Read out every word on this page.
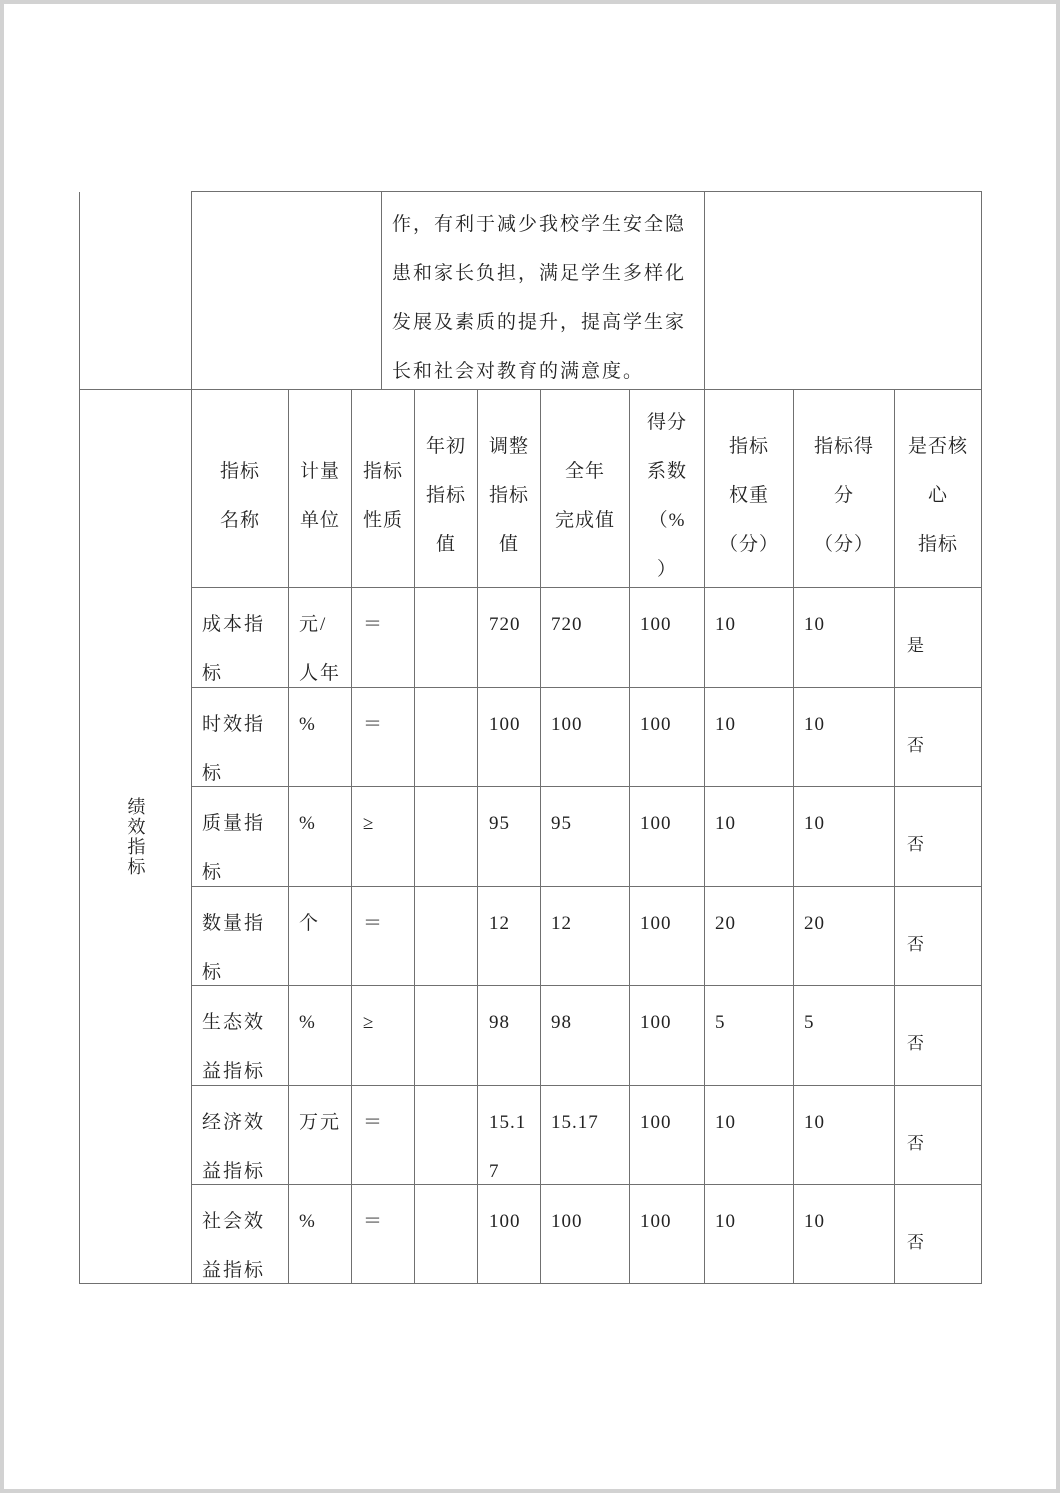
				作，有利于减少我校学生安全隐
患和家长负担，满足学生多样化
发展及素质的提升，提高学生家
长和社会对教育的满意度。							

绩效指标	指标
名称	计量
单位	指标
性质		年初
指标
值	调整
指标
值	全年
完成值	得分
系数
（%
）	指标
权重
（分）	指标得
分
（分）	是否核
心
指标

	成本指
标	元/
人年	＝			720	720	100	10	10	是

	时效指
标	%	＝			100	100	100	10	10	否

	质量指
标	%	≥			95	95	100	10	10	否

	数量指
标	个	＝			12	12	100	20	20	否

	生态效
益指标	%	≥			98	98	100	5	5	否

	经济效
益指标	万元	＝			15.17	15.17	100	10	10	否

	社会效
益指标	%	＝			100	100	100	10	10	否
